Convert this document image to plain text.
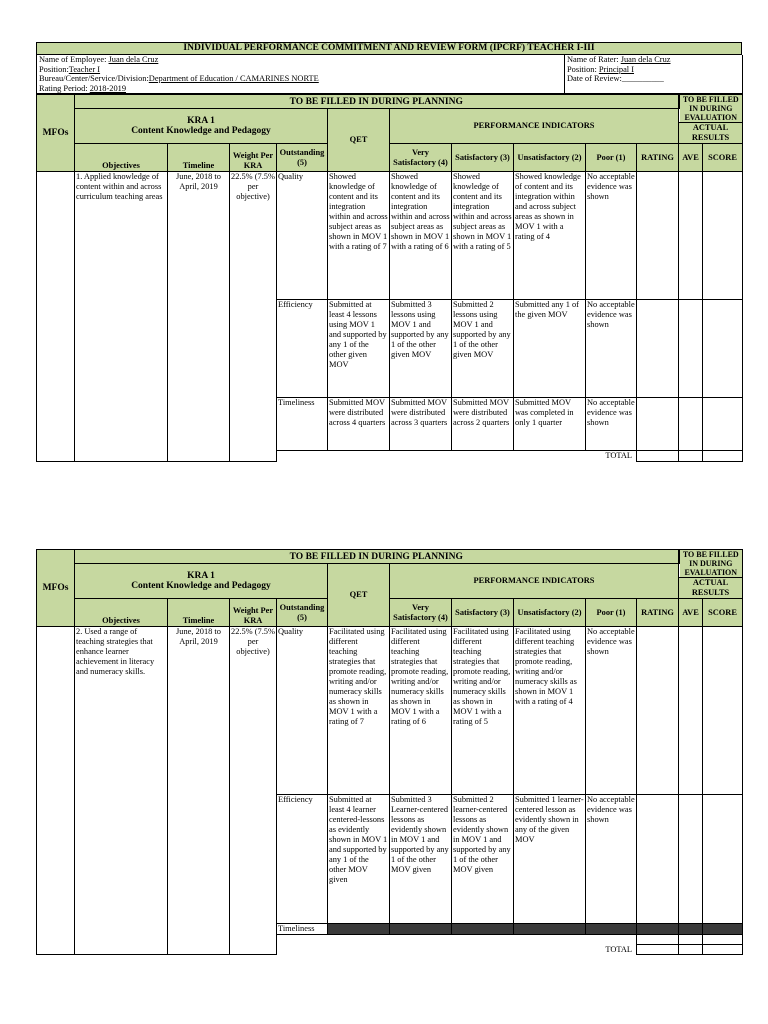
INDIVIDUAL PERFORMANCE COMMITMENT AND REVIEW FORM (IPCRF) TEACHER I-III
Name of Employee: Juan dela Cruz	Name of Rater: Juan dela Cruz
Position:Teacher I	Position: Principal I
Bureau/Center/Service/Division:Department of Education / CAMARINES NORTE	Date of Review:__________
Rating Period: 2018-2019	
MFOs	TO BE FILLED IN DURING PLANNING										TO BE FILLED IN DURING EVALUATION	

	KRA 1
Content Knowledge and Pedagogy				QET	PERFORMANCE INDICATORS						
											ACTUAL RESULTS	
	Objectives	Timeline	Weight Per KRA	Outstanding (5)		Very Satisfactory (4)	Satisfactory (3)	Unsatisfactory (2)	Poor (1)	RATING	AVE	SCORE
	1. Applied knowledge of content within and across curriculum teaching areas	June, 2018 to April, 2019	22.5% (7.5% per objective)	Quality	Showed knowledge of content and its integration within and across subject areas as shown in MOV 1 with a rating of 7	Showed knowledge of content and its integration within and across subject areas as shown in MOV 1 with a rating of 6	Showed knowledge of content and its integration within and across subject areas as shown in MOV 1 with a rating of 5	Showed knowledge of content and its integration within and across subject areas as shown in MOV 1 with a rating of 4	No acceptable evidence was shown			
				Efficiency	Submitted at least 4 lessons using MOV 1 and supported by any 1 of the other given MOV	Submitted 3 lessons using MOV 1 and supported by any 1 of the other given MOV	Submitted 2 lessons using MOV 1 and supported by any 1 of the other given MOV	Submitted any 1 of the given MOV	No acceptable evidence was shown			
				Timeliness	Submitted MOV were distributed across 4 quarters	Submitted MOV were distributed across 3 quarters	Submitted MOV were distributed across 2 quarters	Submitted MOV was completed in only 1 quarter	No acceptable evidence was shown			
				TOTAL								
MFOs	TO BE FILLED IN DURING PLANNING										TO BE FILLED IN DURING EVALUATION	

	KRA 1
Content Knowledge and Pedagogy				QET	PERFORMANCE INDICATORS						
											ACTUAL RESULTS	
	Objectives	Timeline	Weight Per KRA	Outstanding (5)		Very Satisfactory (4)	Satisfactory (3)	Unsatisfactory (2)	Poor (1)	RATING	AVE	SCORE
	2. Used a range of teaching strategies that enhance learner achievement in literacy and numeracy skills.	June, 2018 to April, 2019	22.5% (7.5% per objective)	Quality	Facilitated using different teaching strategies that promote reading, writing and/or numeracy skills as shown in MOV 1 with a rating of 7	Facilitated using different teaching strategies that promote reading, writing and/or numeracy skills as shown in MOV 1 with a rating of 6	Facilitated using different teaching strategies that promote reading, writing and/or numeracy skills as shown in MOV 1 with a rating of 5	Facilitated using different teaching strategies that promote reading, writing and/or numeracy skills as shown in MOV 1 with a rating of 4	No acceptable evidence was shown			
				Efficiency	Submitted at least 4 learner centered-lessons as evidently shown in MOV 1 and supported by any 1 of the other MOV given	Submitted 3 Learner-centered lessons as evidently shown in MOV 1 and supported by any 1 of the other MOV given	Submitted 2 learner-centered lessons as evidently shown in MOV 1 and supported by any 1 of the other MOV given	Submitted 1 learner-centered lesson as evidently shown in any of the given MOV	No acceptable evidence was shown			
				Timeliness								

				TOTAL								
